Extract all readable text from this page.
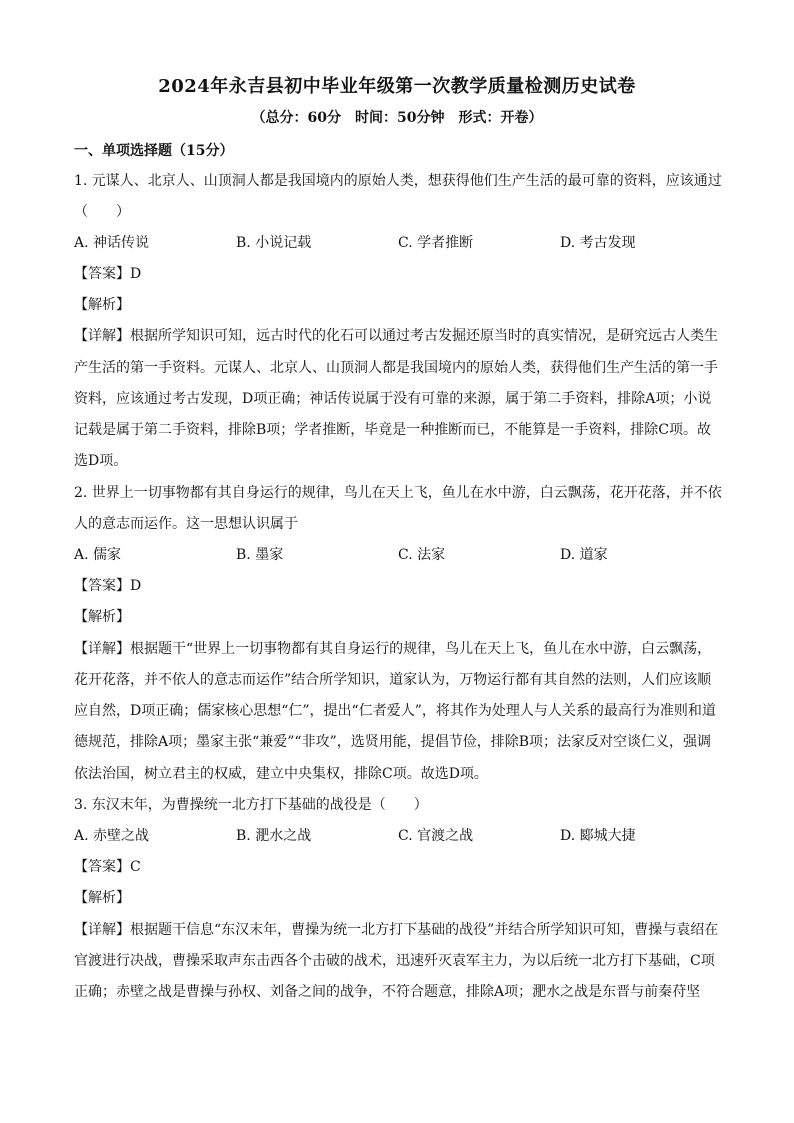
2024年永吉县初中毕业年级第一次教学质量检测历史试卷
（总分：60分　时间：50分钟　形式：开卷）
一、单项选择题（15分）
1. 元谋人、北京人、山顶洞人都是我国境内的原始人类，想获得他们生产生活的最可靠的资料，应该通过
（　　）
A. 神话传说	B. 小说记载	C. 学者推断	D. 考古发现
【答案】D
【解析】
【详解】根据所学知识可知，远古时代的化石可以通过考古发掘还原当时的真实情况，是研究远古人类生
产生活的第一手资料。元谋人、北京人、山顶洞人都是我国境内的原始人类，获得他们生产生活的第一手
资料，应该通过考古发现，D项正确；神话传说属于没有可靠的来源，属于第二手资料，排除A项；小说
记载是属于第二手资料，排除B项；学者推断，毕竟是一种推断而已，不能算是一手资料，排除C项。故
选D项。
2. 世界上一切事物都有其自身运行的规律，鸟儿在天上飞，鱼儿在水中游，白云飘荡，花开花落，并不依
人的意志而运作。这一思想认识属于
A. 儒家	B. 墨家	C. 法家	D. 道家
【答案】D
【解析】
【详解】根据题干“世界上一切事物都有其自身运行的规律，鸟儿在天上飞，鱼儿在水中游，白云飘荡，
花开花落，并不依人的意志而运作”结合所学知识，道家认为，万物运行都有其自然的法则，人们应该顺
应自然，D项正确；儒家核心思想“仁”，提出“仁者爱人”，将其作为处理人与人关系的最高行为准则和道
德规范，排除A项；墨家主张“兼爱”“非攻”，选贤用能，提倡节俭，排除B项；法家反对空谈仁义，强调
依法治国，树立君主的权威，建立中央集权，排除C项。故选D项。
3. 东汉末年，为曹操统一北方打下基础的战役是（　　）
A. 赤壁之战	B. 淝水之战	C. 官渡之战	D. 郾城大捷
【答案】C
【解析】
【详解】根据题干信息“东汉末年，曹操为统一北方打下基础的战役”并结合所学知识可知，曹操与袁绍在
官渡进行决战，曹操采取声东击西各个击破的战术，迅速歼灭袁军主力，为以后统一北方打下基础，C项
正确；赤壁之战是曹操与孙权、刘备之间的战争，不符合题意，排除A项；淝水之战是东晋与前秦苻坚
